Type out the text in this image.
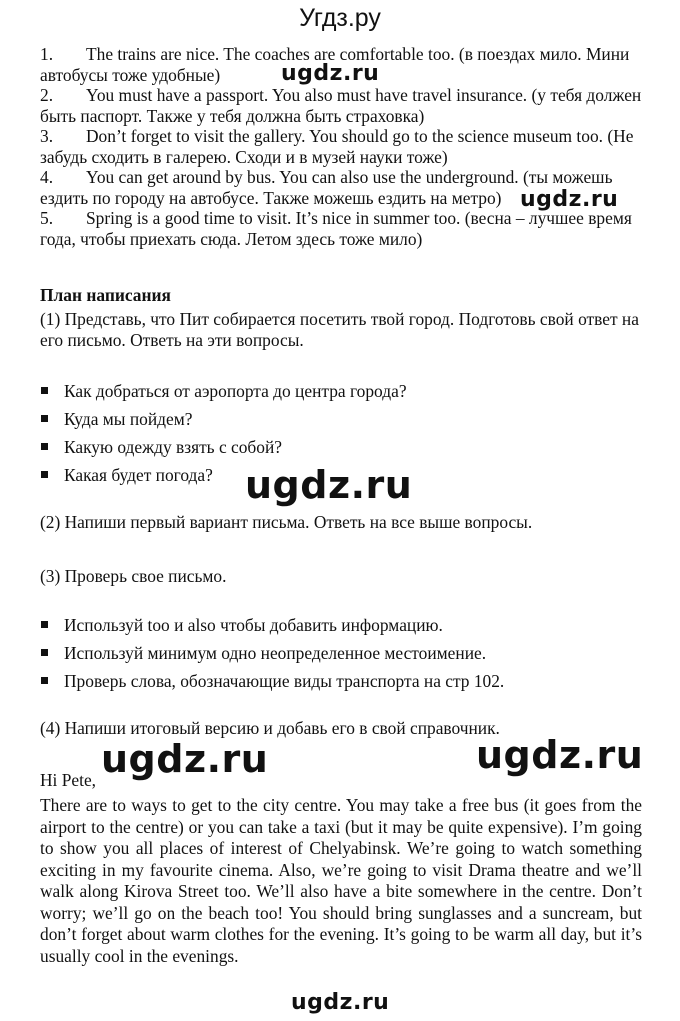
Угдз.ру

1. The trains are nice. The coaches are comfortable too. (в поездах мило. Мини автобусы тоже удобные)

2. You must have a passport. You also must have travel insurance. (у тебя должен быть паспорт. Также у тебя должна быть страховка)

3. Don’t forget to visit the gallery. You should go to the science museum too. (Не забудь сходить в галерею. Сходи и в музей науки тоже)

4. You can get around by bus. You can also use the underground. (ты можешь ездить по городу на автобусе. Также можешь ездить на метро)

5. Spring is a good time to visit. It’s nice in summer too. (весна – лучшее время года, чтобы приехать сюда. Летом здесь тоже мило)

План написания
(1) Представь, что Пит собирается посетить твой город. Подготовь свой ответ на его письмо. Ответь на эти вопросы.
Как добраться от аэропорта до центра города?
Куда мы пойдем?
Какую одежду взять с собой?
Какая будет погода?
(2) Напиши первый вариант письма. Ответь на все выше вопросы.
(3) Проверь свое письмо.
Используй too и also чтобы добавить информацию.
Используй минимум одно неопределенное местоимение.
Проверь слова, обозначающие виды транспорта на стр 102.
(4) Напиши итоговый версию и добавь его в свой справочник.
Hi Pete,
There are to ways to get to the city centre. You may take a free bus (it goes from the airport to the centre) or you can take a taxi (but it may be quite expensive). I’m going to show you all places of interest of Chelyabinsk. We’re going to watch something exciting in my favourite cinema. Also, we’re going to visit Drama theatre and we’ll walk along Kirova Street too. We’ll also have a bite somewhere in the centre. Don’t worry; we’ll go on the beach too! You should bring sunglasses and a suncream, but don’t forget about warm clothes for the evening. It’s going to be warm all day, but it’s usually cool in the evenings.
ugdz.ru
ugdz.ru
ugdz.ru
ugdz.ru	ugdz.ru
ugdz.ru
